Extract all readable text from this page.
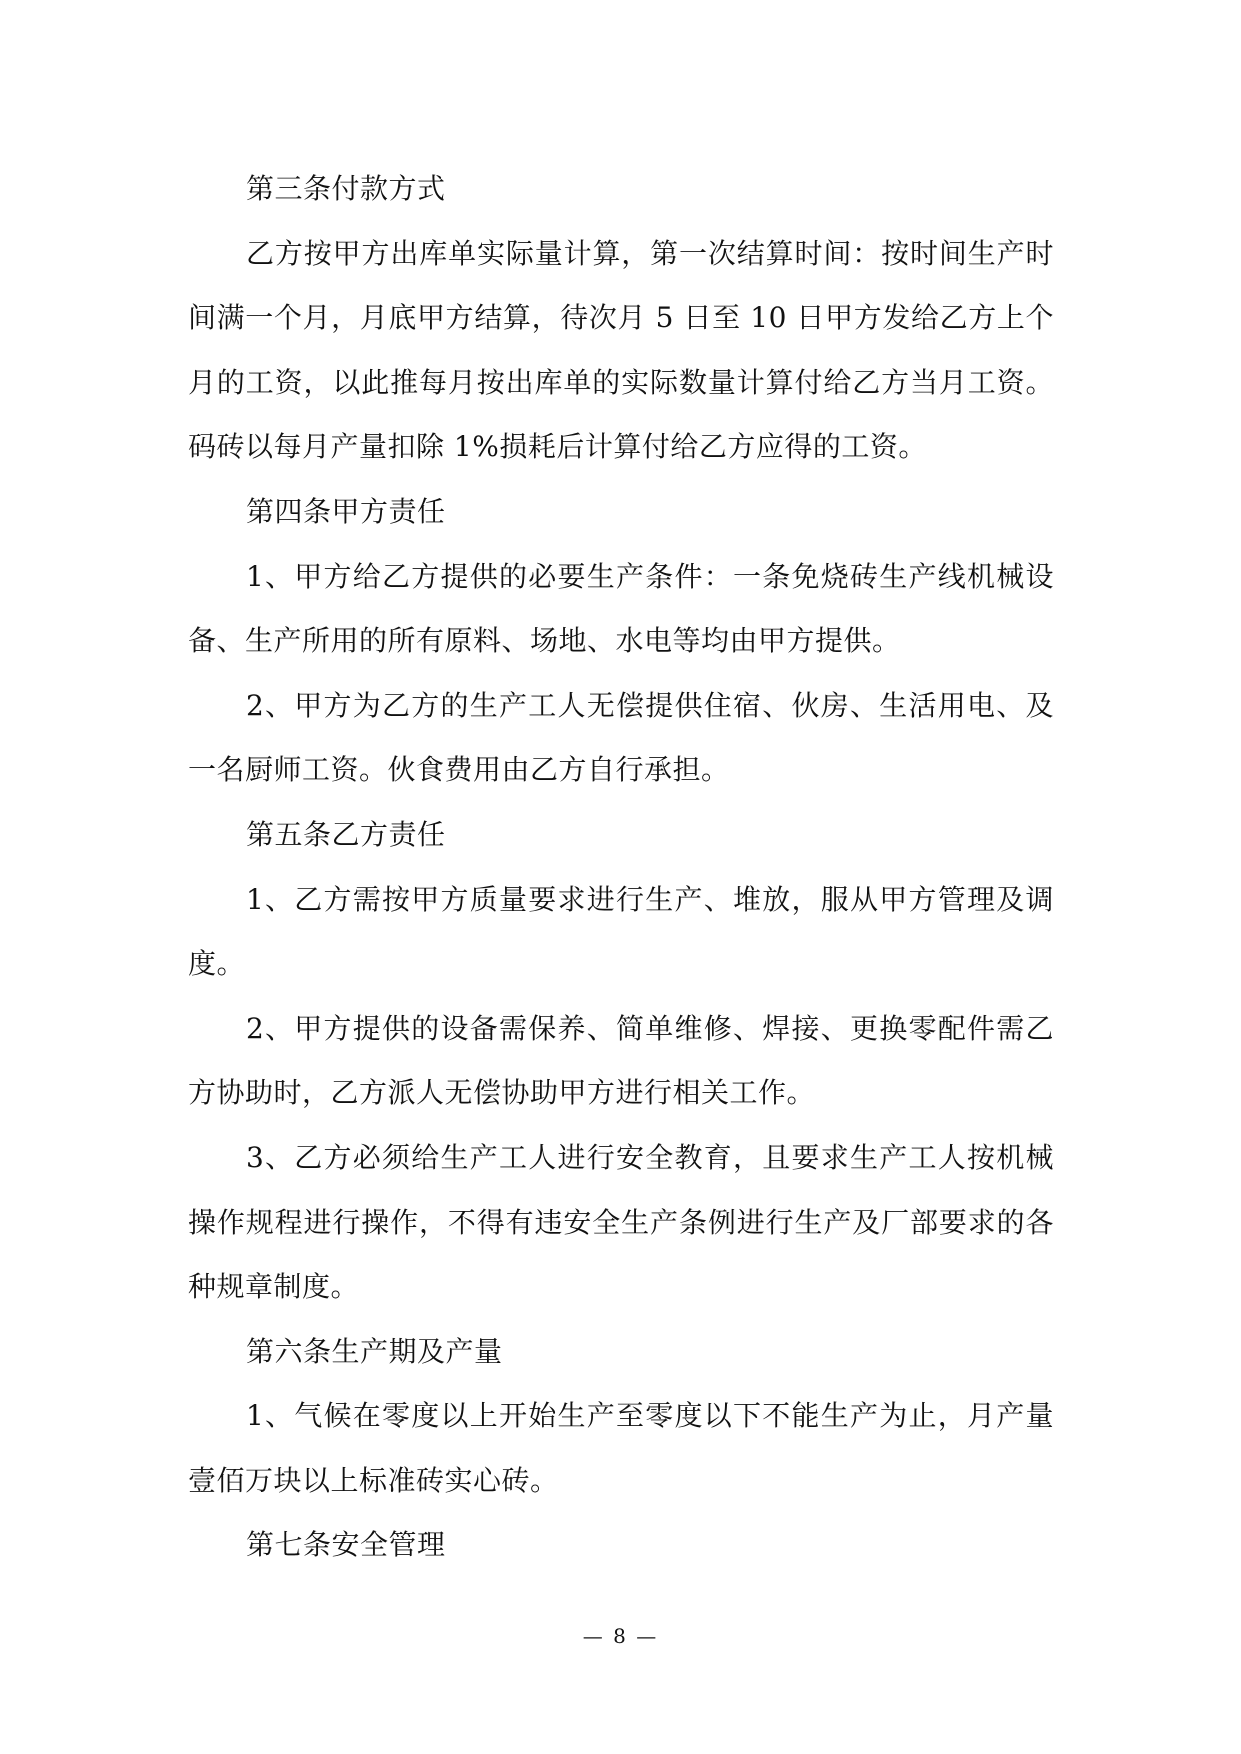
第三条付款方式

乙方按甲方出库单实际量计算，第一次结算时间：按时间生产时间满一个月，月底甲方结算，待次月 5 日至 10 日甲方发给乙方上个月的工资，以此推每月按出库单的实际数量计算付给乙方当月工资。码砖以每月产量扣除 1%损耗后计算付给乙方应得的工资。

第四条甲方责任

1、甲方给乙方提供的必要生产条件：一条免烧砖生产线机械设备、生产所用的所有原料、场地、水电等均由甲方提供。

2、甲方为乙方的生产工人无偿提供住宿、伙房、生活用电、及一名厨师工资。伙食费用由乙方自行承担。

第五条乙方责任

1、乙方需按甲方质量要求进行生产、堆放，服从甲方管理及调度。

2、甲方提供的设备需保养、简单维修、焊接、更换零配件需乙方协助时，乙方派人无偿协助甲方进行相关工作。

3、乙方必须给生产工人进行安全教育，且要求生产工人按机械操作规程进行操作，不得有违安全生产条例进行生产及厂部要求的各种规章制度。

第六条生产期及产量

1、气候在零度以上开始生产至零度以下不能生产为止，月产量壹佰万块以上标准砖实心砖。

第七条安全管理

— 8 —
